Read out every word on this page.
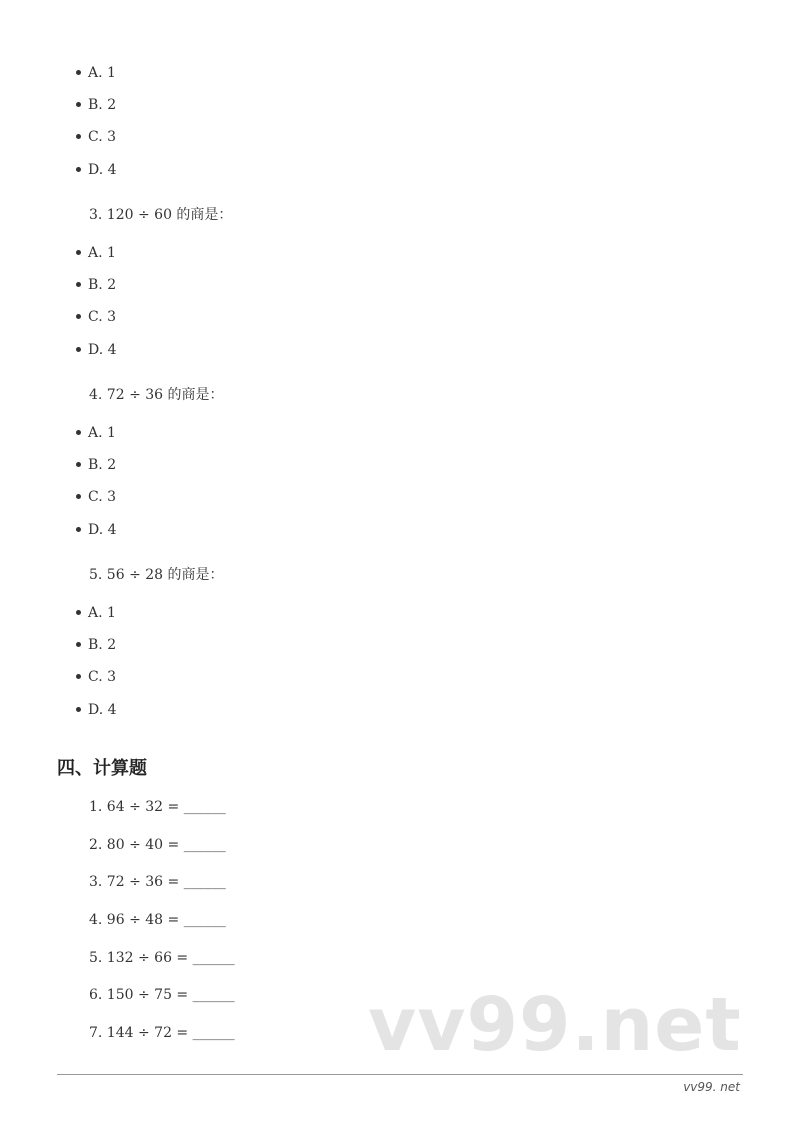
A. 1
B. 2
C. 3
D. 4
3. 120 ÷ 60 的商是：
A. 1
B. 2
C. 3
D. 4
4. 72 ÷ 36 的商是：
A. 1
B. 2
C. 3
D. 4
5. 56 ÷ 28 的商是：
A. 1
B. 2
C. 3
D. 4
四、计算题
1. 64 ÷ 32 = ______
2. 80 ÷ 40 = ______
3. 72 ÷ 36 = ______
4. 96 ÷ 48 = ______
5. 132 ÷ 66 = ______
6. 150 ÷ 75 = ______
7. 144 ÷ 72 = ______ vv99.net
vv99. net
